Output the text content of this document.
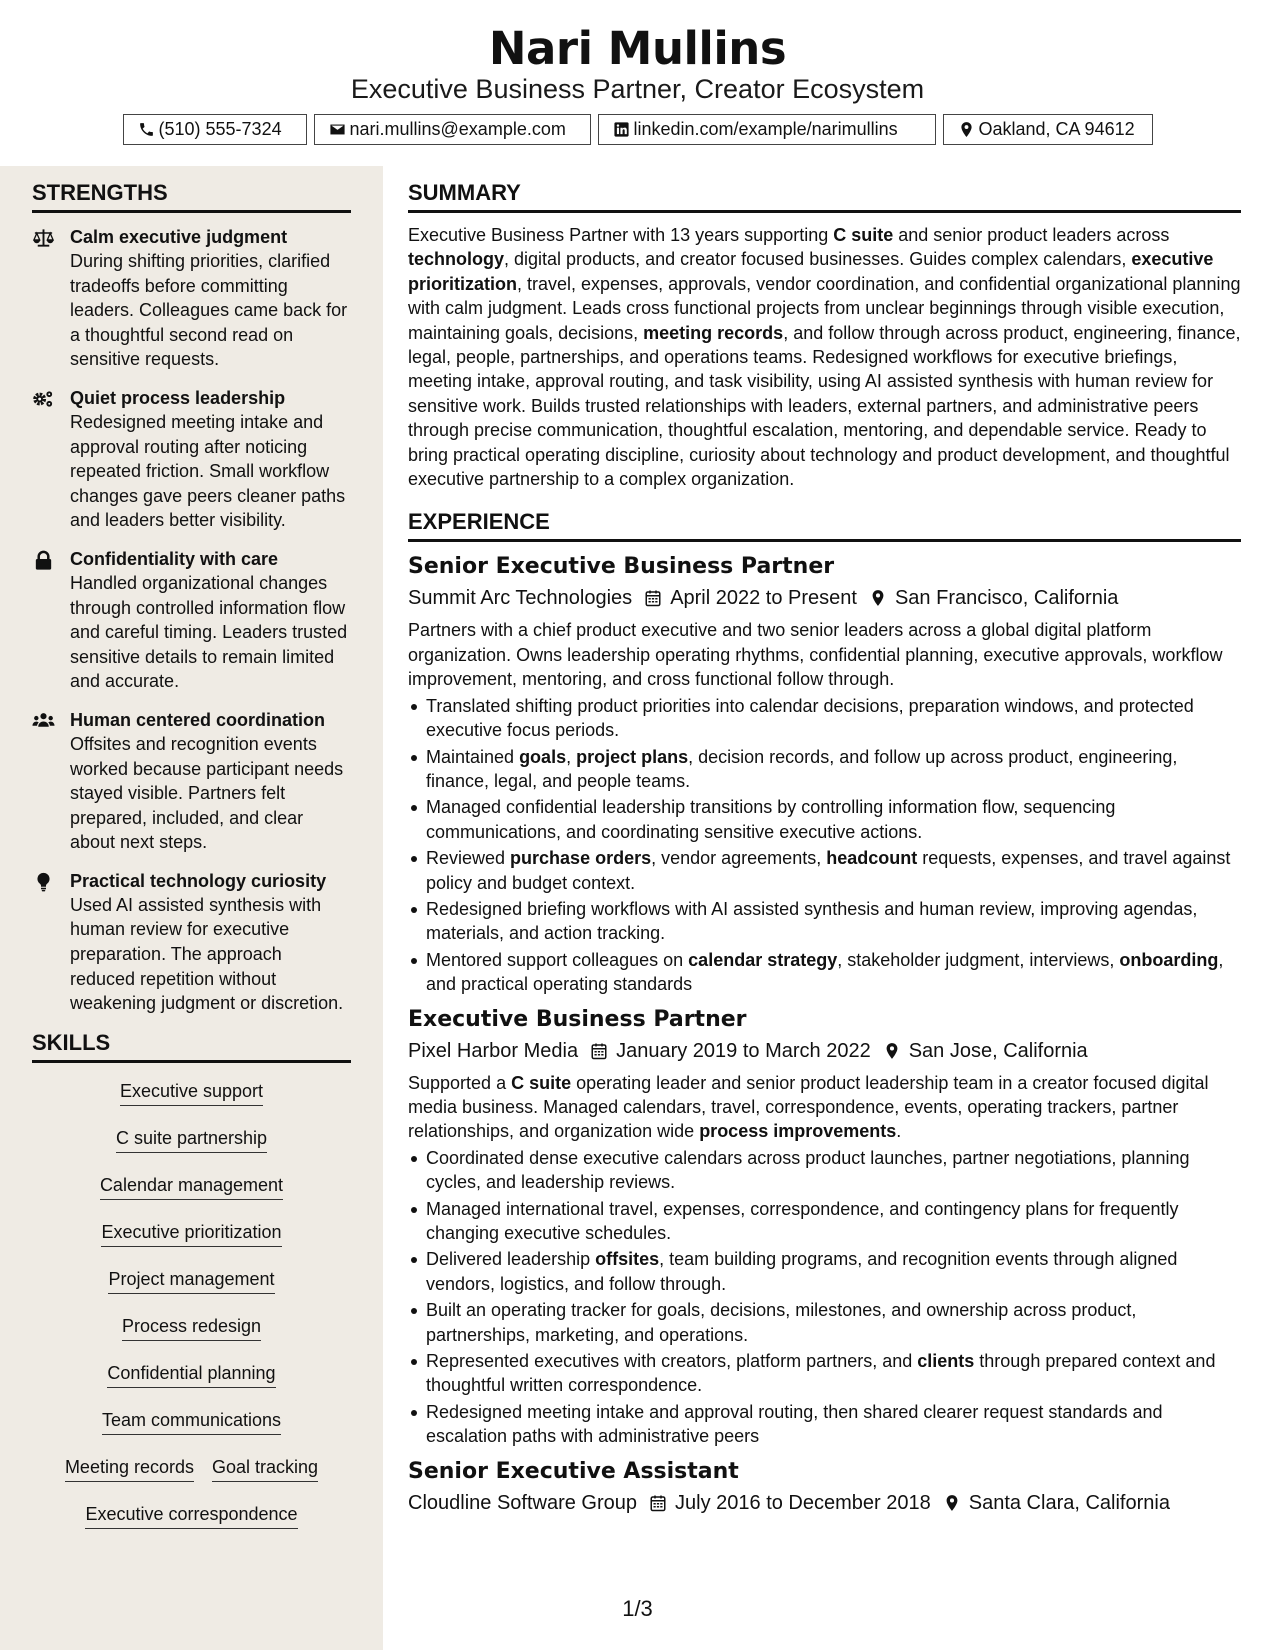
Nari Mullins
Executive Business Partner, Creator Ecosystem
(510) 555-7324	nari.mullins@example.com	linkedin.com/example/narimullins	Oakland, CA 94612
STRENGTHS
Calm executive judgment
During shifting priorities, clarified tradeoffs before committing leaders. Colleagues came back for a thoughtful second read on sensitive requests.
Quiet process leadership
Redesigned meeting intake and approval routing after noticing repeated friction. Small workflow changes gave peers cleaner paths and leaders better visibility.
Confidentiality with care
Handled organizational changes through controlled information flow and careful timing. Leaders trusted sensitive details to remain limited and accurate.
Human centered coordination
Offsites and recognition events worked because participant needs stayed visible. Partners felt prepared, included, and clear about next steps.
Practical technology curiosity
Used AI assisted synthesis with human review for executive preparation. The approach reduced repetition without weakening judgment or discretion.
SKILLS
Executive support
C suite partnership
Calendar management
Executive prioritization
Project management
Process redesign
Confidential planning
Team communications
Meeting records Goal tracking
Executive correspondence
SUMMARY
Executive Business Partner with 13 years supporting C suite and senior product leaders across technology, digital products, and creator focused businesses. Guides complex calendars, executive prioritization, travel, expenses, approvals, vendor coordination, and confidential organizational planning with calm judgment. Leads cross functional projects from unclear beginnings through visible execution, maintaining goals, decisions, meeting records, and follow through across product, engineering, finance, legal, people, partnerships, and operations teams. Redesigned workflows for executive briefings, meeting intake, approval routing, and task visibility, using AI assisted synthesis with human review for sensitive work. Builds trusted relationships with leaders, external partners, and administrative peers through precise communication, thoughtful escalation, mentoring, and dependable service. Ready to bring practical operating discipline, curiosity about technology and product development, and thoughtful executive partnership to a complex organization.
EXPERIENCE
Senior Executive Business Partner
Summit Arc Technologies April 2022 to Present San Francisco, California
Partners with a chief product executive and two senior leaders across a global digital platform organization. Owns leadership operating rhythms, confidential planning, executive approvals, workflow improvement, mentoring, and cross functional follow through.
Translated shifting product priorities into calendar decisions, preparation windows, and protected executive focus periods.
Maintained goals, project plans, decision records, and follow up across product, engineering, finance, legal, and people teams.
Managed confidential leadership transitions by controlling information flow, sequencing communications, and coordinating sensitive executive actions.
Reviewed purchase orders, vendor agreements, headcount requests, expenses, and travel against policy and budget context.
Redesigned briefing workflows with AI assisted synthesis and human review, improving agendas, materials, and action tracking.
Mentored support colleagues on calendar strategy, stakeholder judgment, interviews, onboarding, and practical operating standards
Executive Business Partner
Pixel Harbor Media January 2019 to March 2022 San Jose, California
Supported a C suite operating leader and senior product leadership team in a creator focused digital media business. Managed calendars, travel, correspondence, events, operating trackers, partner relationships, and organization wide process improvements.
Coordinated dense executive calendars across product launches, partner negotiations, planning cycles, and leadership reviews.
Managed international travel, expenses, correspondence, and contingency plans for frequently changing executive schedules.
Delivered leadership offsites, team building programs, and recognition events through aligned vendors, logistics, and follow through.
Built an operating tracker for goals, decisions, milestones, and ownership across product, partnerships, marketing, and operations.
Represented executives with creators, platform partners, and clients through prepared context and thoughtful written correspondence.
Redesigned meeting intake and approval routing, then shared clearer request standards and escalation paths with administrative peers
Senior Executive Assistant
Cloudline Software Group July 2016 to December 2018 Santa Clara, California
1/3
